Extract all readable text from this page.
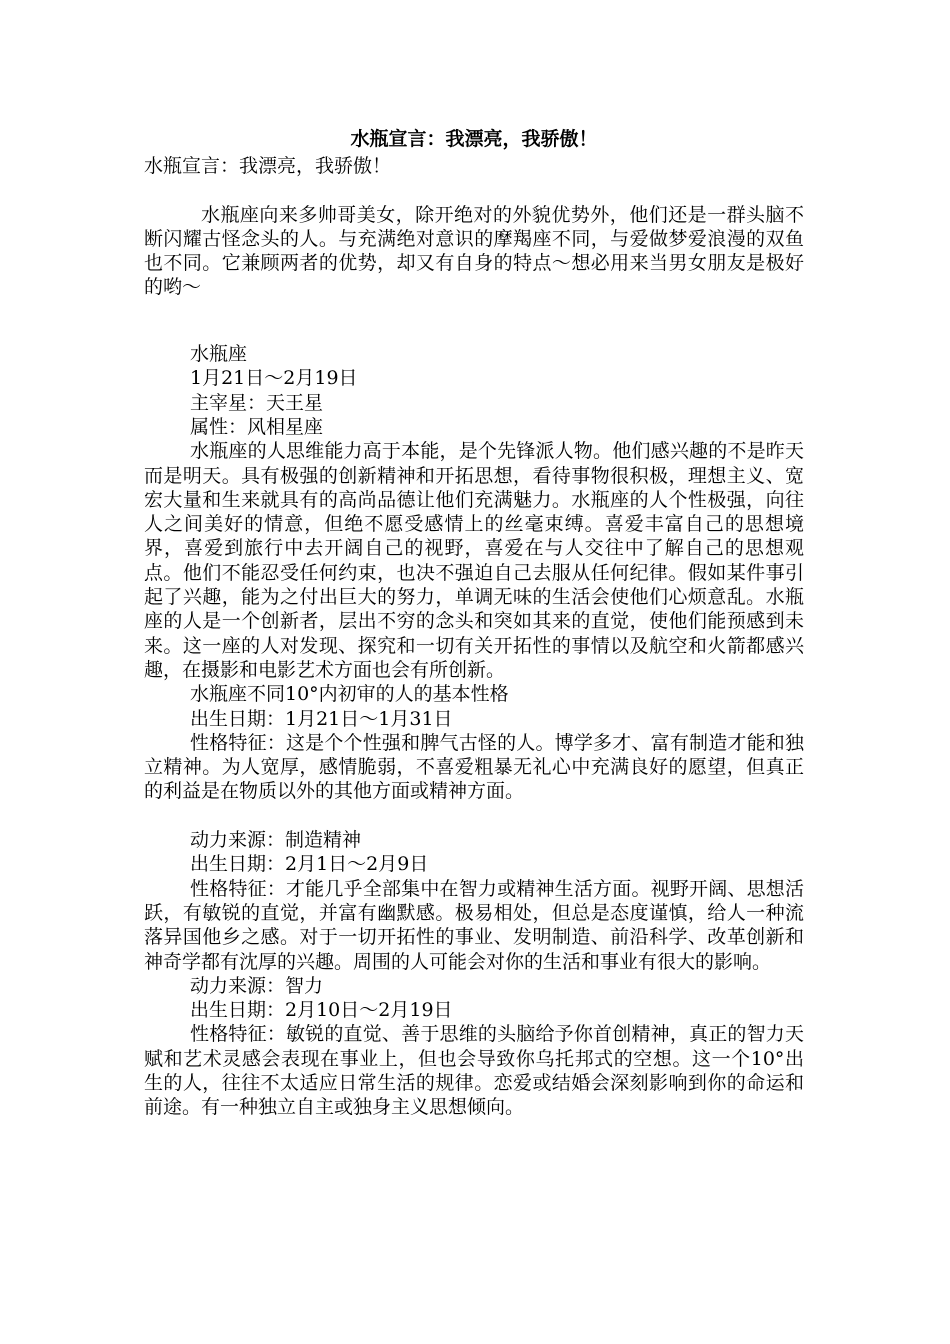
水瓶宣言：我漂亮，我骄傲！

水瓶宣言：我漂亮，我骄傲！

水瓶座向来多帅哥美女，除开绝对的外貌优势外，他们还是一群头脑不断闪耀古怪念头的人。与充满绝对意识的摩羯座不同，与爱做梦爱浪漫的双鱼也不同。它兼顾两者的优势，却又有自身的特点～想必用来当男女朋友是极好的哟～

水瓶座

1月21日～2月19日

主宰星：天王星

属性：风相星座

水瓶座的人思维能力高于本能，是个先锋派人物。他们感兴趣的不是昨天而是明天。具有极强的创新精神和开拓思想，看待事物很积极，理想主义、宽宏大量和生来就具有的高尚品德让他们充满魅力。水瓶座的人个性极强，向往人之间美好的情意，但绝不愿受感情上的丝毫束缚。喜爱丰富自己的思想境界，喜爱到旅行中去开阔自己的视野，喜爱在与人交往中了解自己的思想观点。他们不能忍受任何约束，也决不强迫自己去服从任何纪律。假如某件事引起了兴趣，能为之付出巨大的努力，单调无味的生活会使他们心烦意乱。水瓶座的人是一个创新者，层出不穷的念头和突如其来的直觉，使他们能预感到未来。这一座的人对发现、探究和一切有关开拓性的事情以及航空和火箭都感兴趣，在摄影和电影艺术方面也会有所创新。

水瓶座不同10°内初审的人的基本性格

出生日期：1月21日～1月31日

性格特征：这是个个性强和脾气古怪的人。博学多才、富有制造才能和独立精神。为人宽厚，感情脆弱，不喜爱粗暴无礼心中充满良好的愿望，但真正的利益是在物质以外的其他方面或精神方面。

动力来源：制造精神

出生日期：2月1日～2月9日

性格特征：才能几乎全部集中在智力或精神生活方面。视野开阔、思想活跃，有敏锐的直觉，并富有幽默感。极易相处，但总是态度谨慎，给人一种流落异国他乡之感。对于一切开拓性的事业、发明制造、前沿科学、改革创新和神奇学都有沈厚的兴趣。周围的人可能会对你的生活和事业有很大的影响。

动力来源：智力

出生日期：2月10日～2月19日

性格特征：敏锐的直觉、善于思维的头脑给予你首创精神，真正的智力天赋和艺术灵感会表现在事业上，但也会导致你乌托邦式的空想。这一个10°出生的人，往往不太适应日常生活的规律。恋爱或结婚会深刻影响到你的命运和前途。有一种独立自主或独身主义思想倾向。
